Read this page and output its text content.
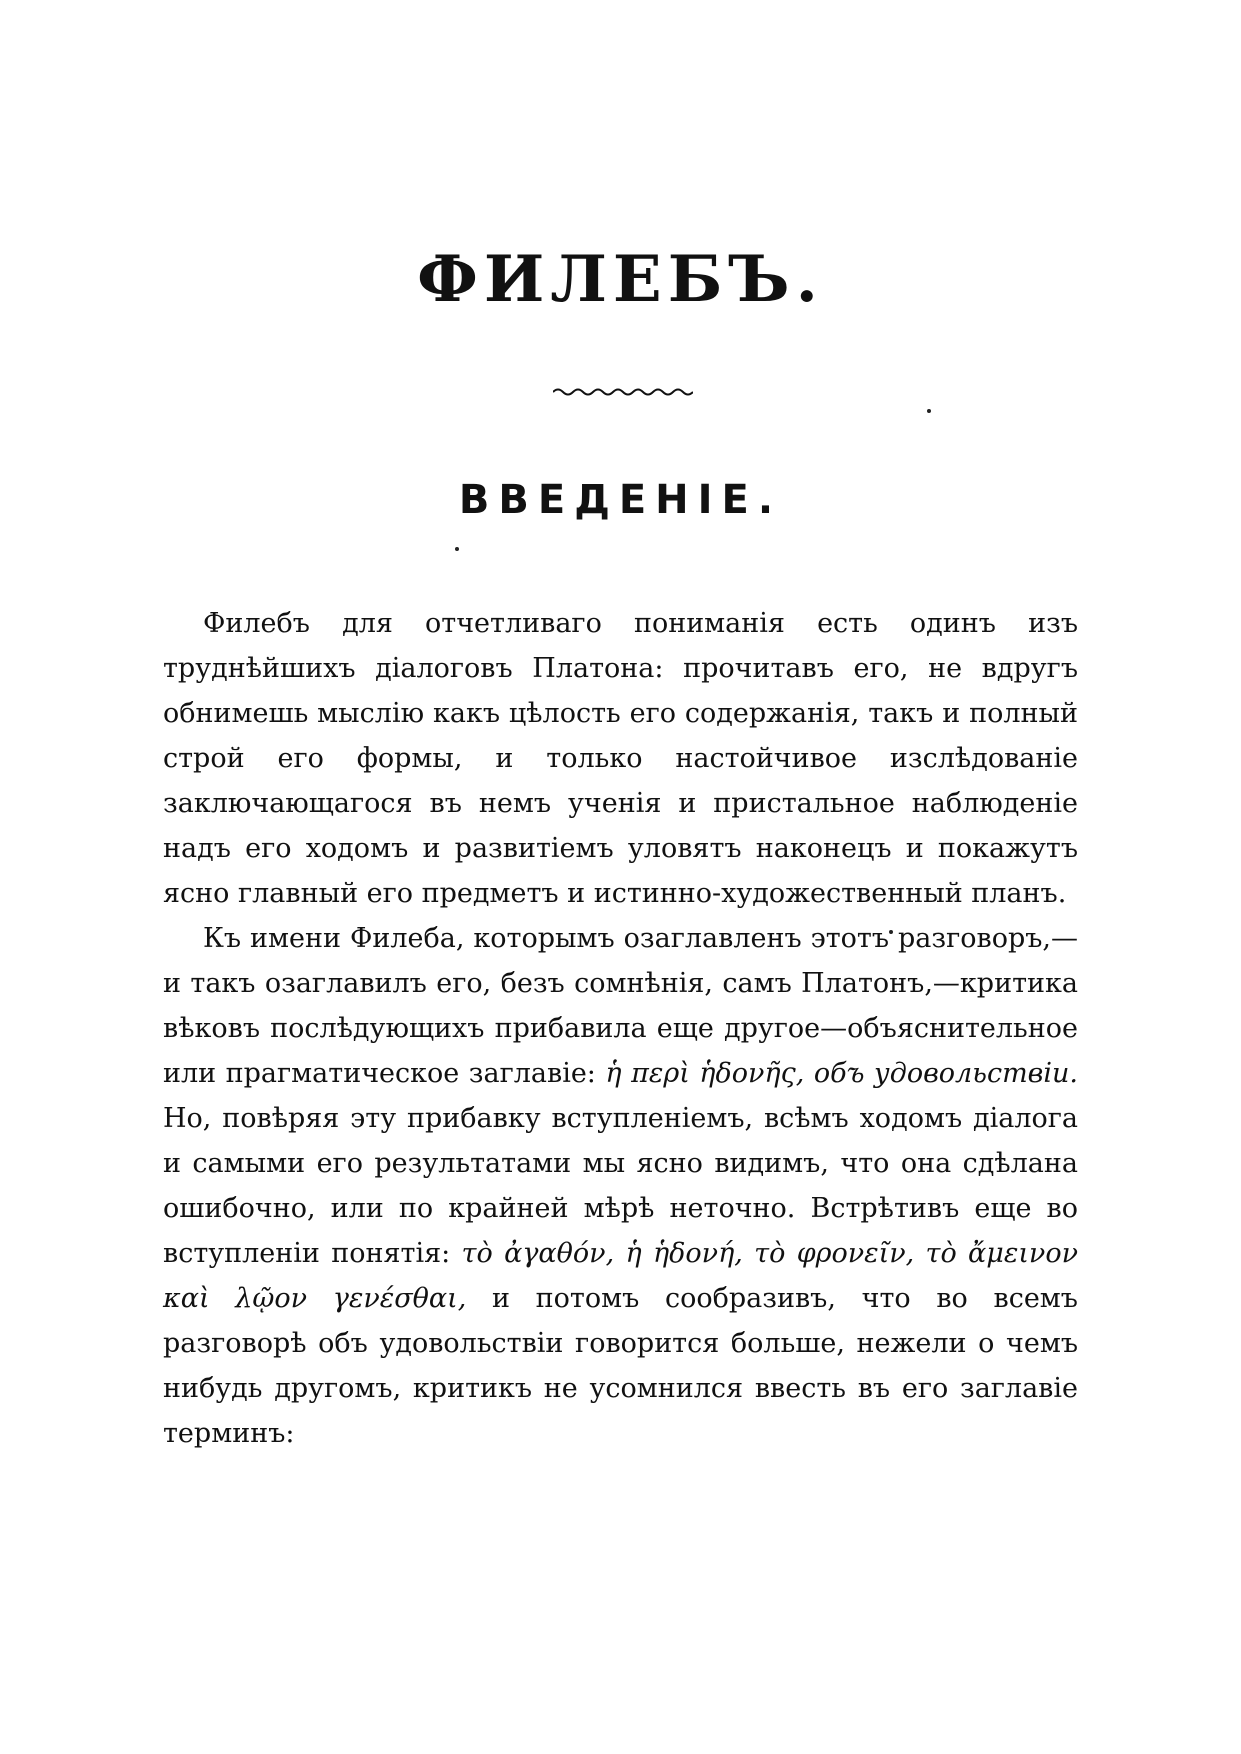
ФИЛЕБЪ.
ВВЕДЕНІЕ.

Филебъ для отчетливаго пониманія есть одинъ изъ труднѣйшихъ діалоговъ Платона: прочитавъ его, не вдругъ обнимешь мыслію какъ цѣлость его содержанія, такъ и полный строй его формы, и только настойчивое изслѣдованіе заключающагося въ немъ ученія и пристальное наблюденіе надъ его ходомъ и развитіемъ уловятъ наконецъ и покажутъ ясно главный его предметъ и истинно-художественный планъ.

Къ имени Филеба, которымъ озаглавленъ этотъ разговоръ,—и такъ озаглавилъ его, безъ сомнѣнія, самъ Платонъ,—критика вѣковъ послѣдующихъ прибавила еще другое—объяснительное или прагматическое заглавіе: ἡ περὶ ἡδονῆς, объ удовольствіи. Но, повѣряя эту прибавку вступленіемъ, всѣмъ ходомъ діалога и самыми его результатами мы ясно видимъ, что она сдѣлана ошибочно, или по крайней мѣрѣ неточно. Встрѣтивъ еще во вступленіи понятія: τὸ ἀγαθόν, ἡ ἡδονή, τὸ φρονεῖν, τὸ ἄμεινον καὶ λῷον γενέσθαι, и потомъ сообразивъ, что во всемъ разговорѣ объ удовольствіи говорится больше, нежели о чемъ нибудь другомъ, критикъ не усомнился ввесть въ его заглавіе терминъ:
